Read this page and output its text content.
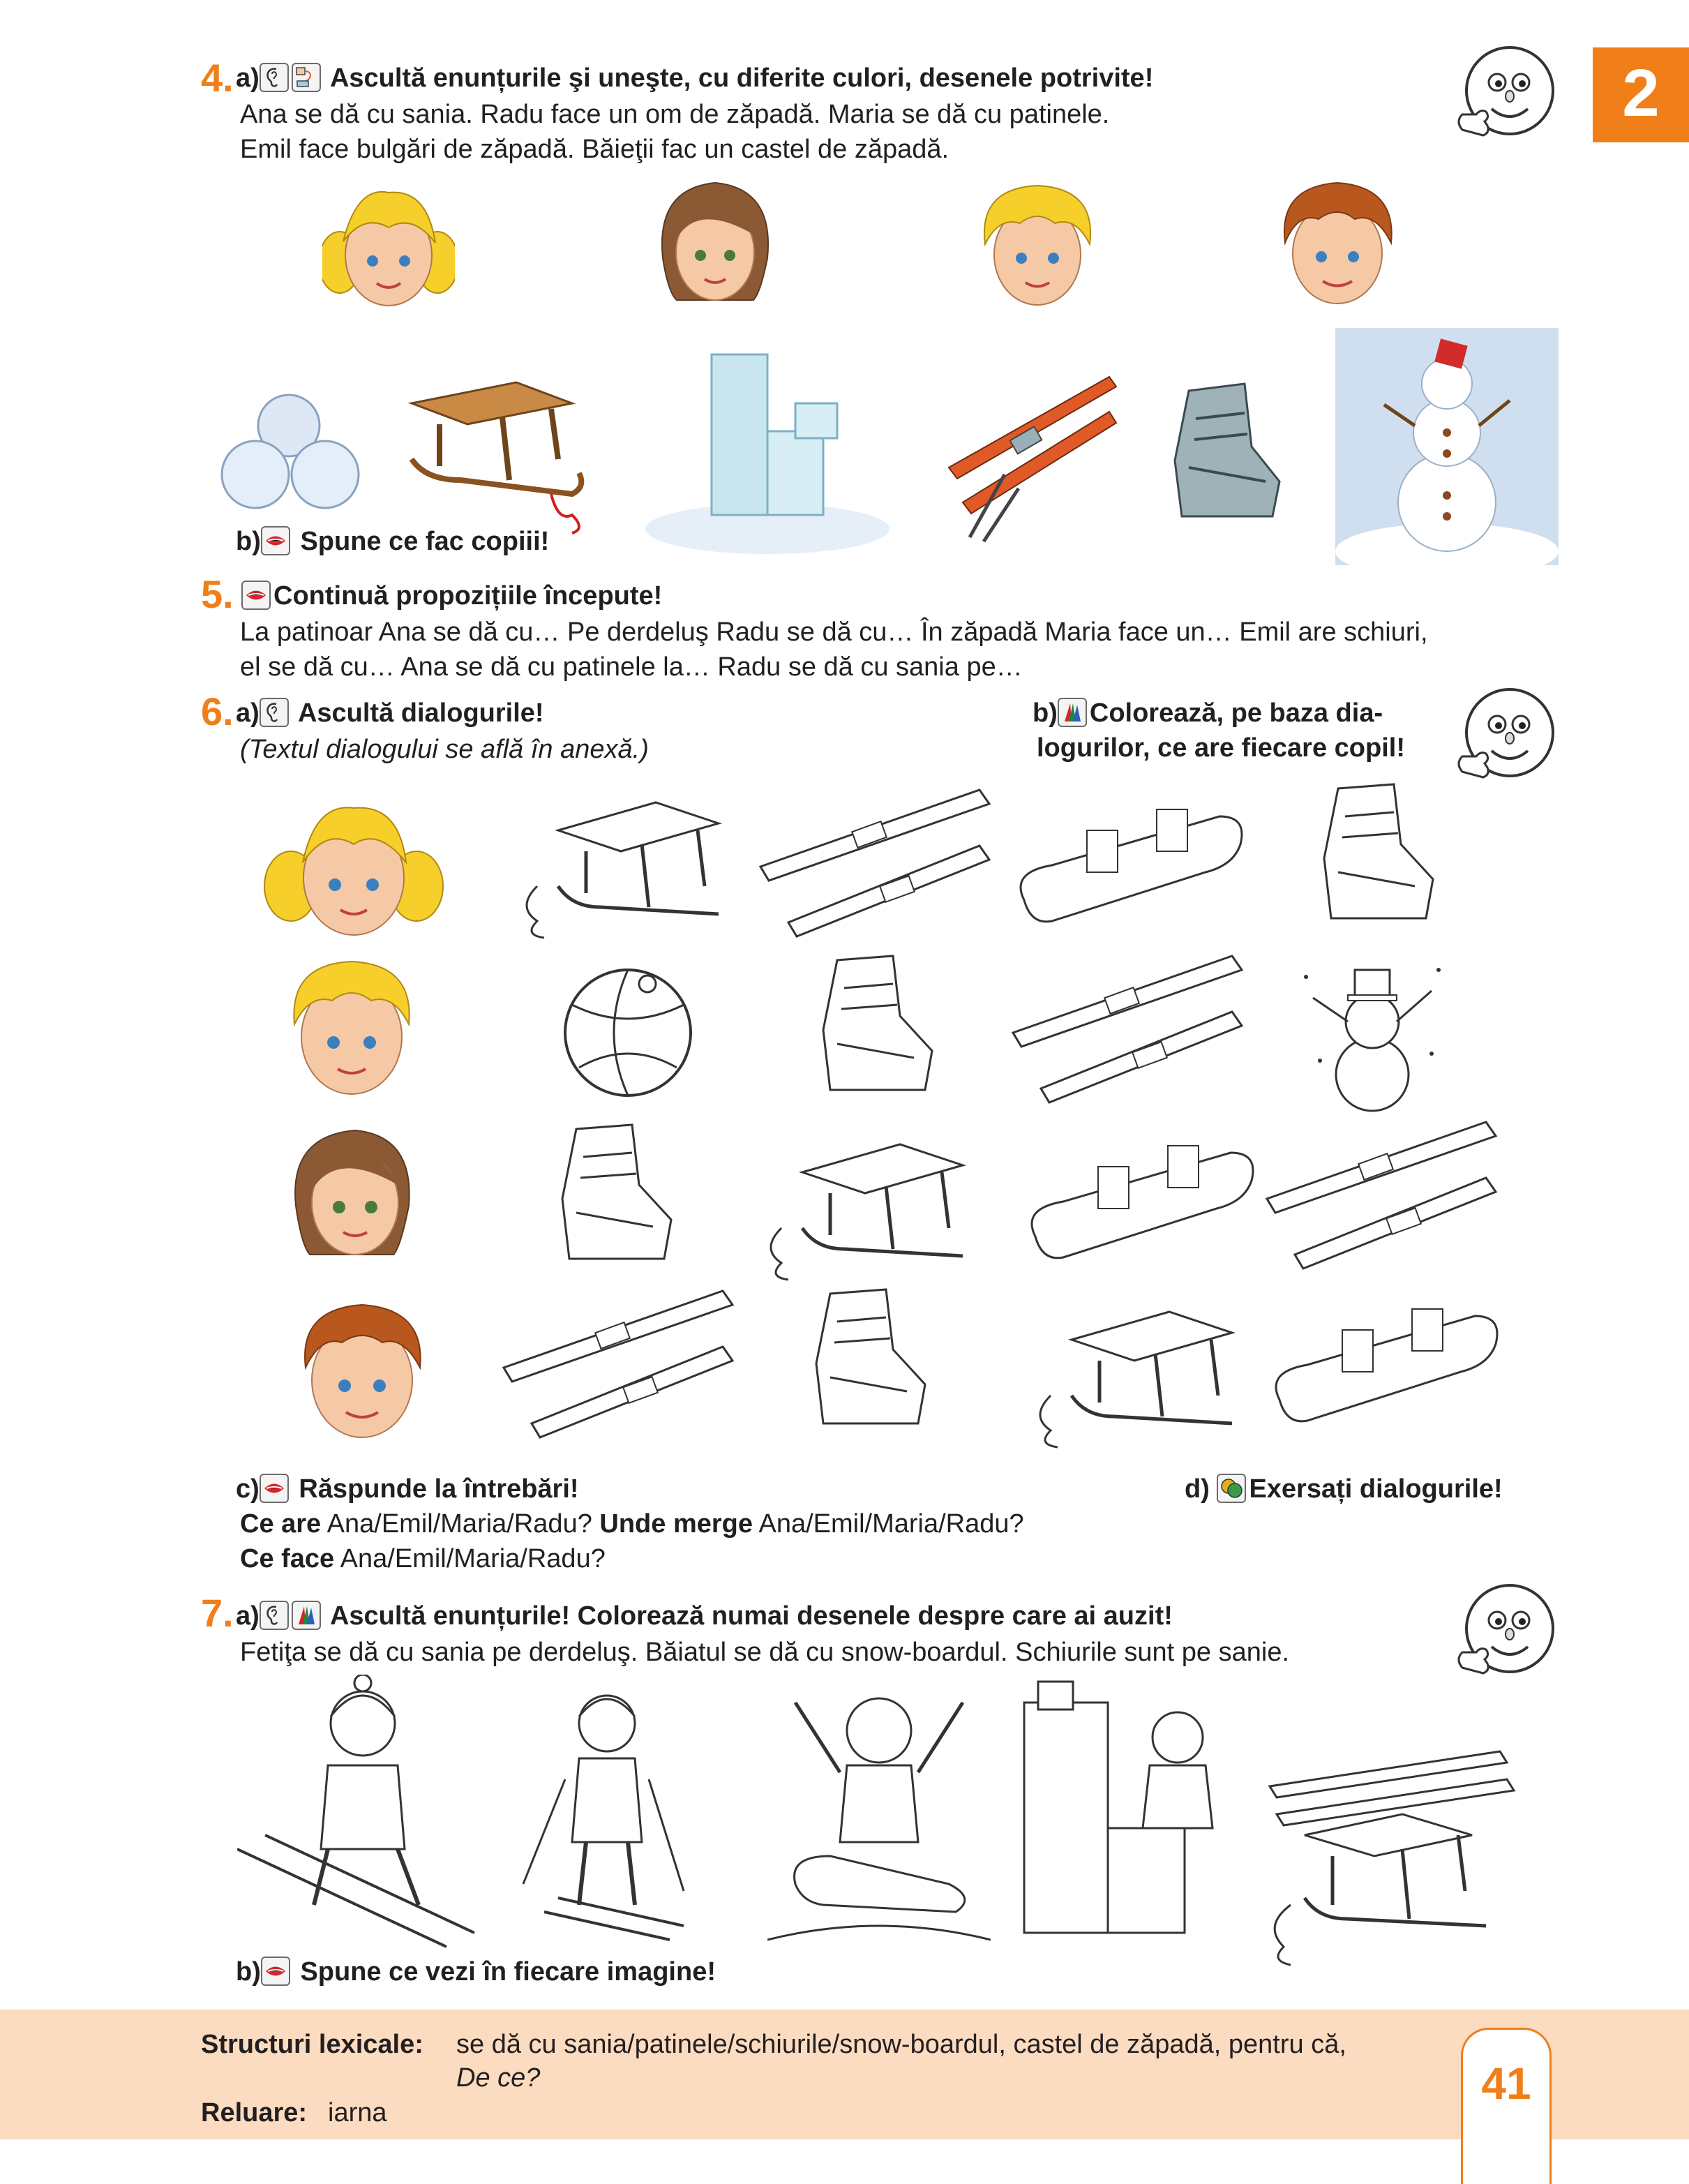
2
4. a)	Ascultă enunțurile şi uneşte, cu diferite culori, desenele potrivite!
Ana se dă cu sania. Radu face un om de zăpadă. Maria se dă cu patinele.
Emil face bulgări de zăpadă. Băieţii fac un castel de zăpadă.
b) Spune ce fac copiii!
5.	Continuă propozițiile începute!
La patinoar Ana se dă cu… Pe derdeluş Radu se dă cu… În zăpadă Maria face un… Emil are schiuri,
el se dă cu… Ana se dă cu patinele la… Radu se dă cu sania pe…
6. a) Ascultă dialogurile!
(Textul dialogului se află în anexă.)
b) Colorează, pe baza dia-
logurilor, ce are fiecare copil!
c) Răspunde la întrebări!	d) Exersați dialogurile!
Ce are Ana/Emil/Maria/Radu? Unde merge Ana/Emil/Maria/Radu?
Ce face Ana/Emil/Maria/Radu?
7. a)	Ascultă enunțurile! Colorează numai desenele despre care ai auzit!
Fetiţa se dă cu sania pe derdeluş. Băiatul se dă cu snow-boardul. Schiurile sunt pe sanie.
b) Spune ce vezi în fiecare imagine!
Structuri lexicale: se dă cu sania/patinele/schiurile/snow-boardul, castel de zăpadă, pentru că,
De ce?
Reluare: iarna
41
